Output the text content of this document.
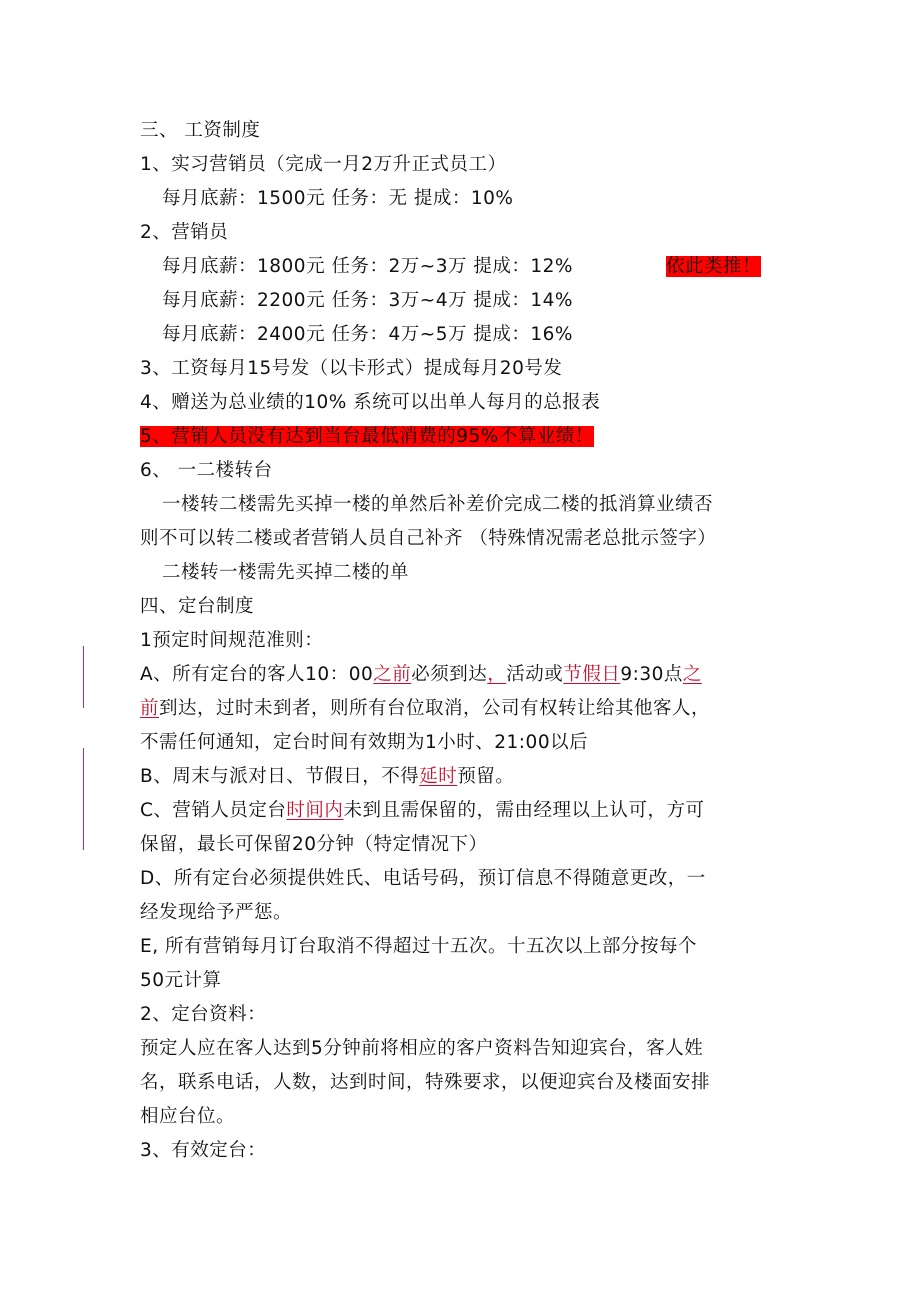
三、 工资制度
1、实习营销员（完成一月2万升正式员工）
每月底薪：1500元 任务：无 提成：10%
2、营销员
每月底薪：1800元 任务：2万~3万 提成：12%	依此类推！
每月底薪：2200元 任务：3万~4万 提成：14%
每月底薪：2400元 任务：4万~5万 提成：16%
3、工资每月15号发（以卡形式）提成每月20号发
4、赠送为总业绩的10% 系统可以出单人每月的总报表
5、营销人员没有达到当台最低消费的95%不算业绩！
6、 一二楼转台
一楼转二楼需先买掉一楼的单然后补差价完成二楼的抵消算业绩否
则不可以转二楼或者营销人员自己补齐 （特殊情况需老总批示签字）
二楼转一楼需先买掉二楼的单
四、定台制度
1预定时间规范准则：
A、所有定台的客人10：00之前必须到达，活动或节假日9:30点之
前到达，过时未到者，则所有台位取消，公司有权转让给其他客人，
不需任何通知，定台时间有效期为1小时、21:00以后
B、周末与派对日、节假日，不得延时预留。
C、营销人员定台时间内未到且需保留的，需由经理以上认可，方可
保留，最长可保留20分钟（特定情况下）
D、所有定台必须提供姓氏、电话号码，预订信息不得随意更改，一
经发现给予严惩。
E, 所有营销每月订台取消不得超过十五次。十五次以上部分按每个
50元计算
2、定台资料：
预定人应在客人达到5分钟前将相应的客户资料告知迎宾台，客人姓
名，联系电话，人数，达到时间，特殊要求，以便迎宾台及楼面安排
相应台位。
3、有效定台：
